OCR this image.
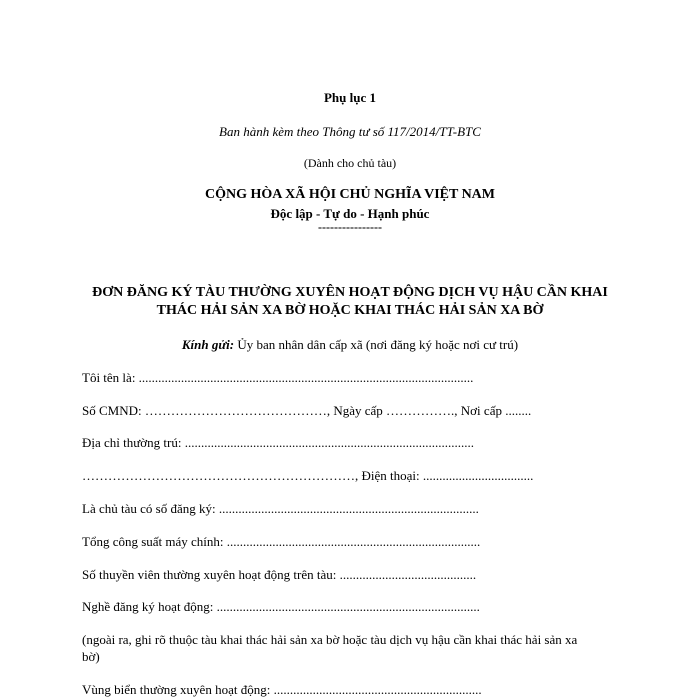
Phụ lục 1
Ban hành kèm theo Thông tư số 117/2014/TT-BTC
(Dành cho chủ tàu)
CỘNG HÒA XÃ HỘI CHỦ NGHĨA VIỆT NAM
Độc lập - Tự do - Hạnh phúc
----------------
ĐƠN ĐĂNG KÝ TÀU THƯỜNG XUYÊN HOẠT ĐỘNG DỊCH VỤ HẬU CẦN KHAI
THÁC HẢI SẢN XA BỜ HOẶC KHAI THÁC HẢI SẢN XA BỜ
Kính gửi: Ủy ban nhân dân cấp xã (nơi đăng ký hoặc nơi cư trú)
Tôi tên là: .......................................................................................................
Số CMND: ……………………………………, Ngày cấp ……………., Nơi cấp ........
Địa chỉ thường trú: .........................................................................................
………………………………………………………, Điện thoại: ..................................
Là chủ tàu có số đăng ký: ................................................................................
Tổng công suất máy chính: ..............................................................................
Số thuyền viên thường xuyên hoạt động trên tàu: ..........................................
Nghề đăng ký hoạt động: .................................................................................
(ngoài ra, ghi rõ thuộc tàu khai thác hải sản xa bờ hoặc tàu dịch vụ hậu cần khai thác hải sản xa
bờ)
Vùng biển thường xuyên hoạt động: ................................................................
